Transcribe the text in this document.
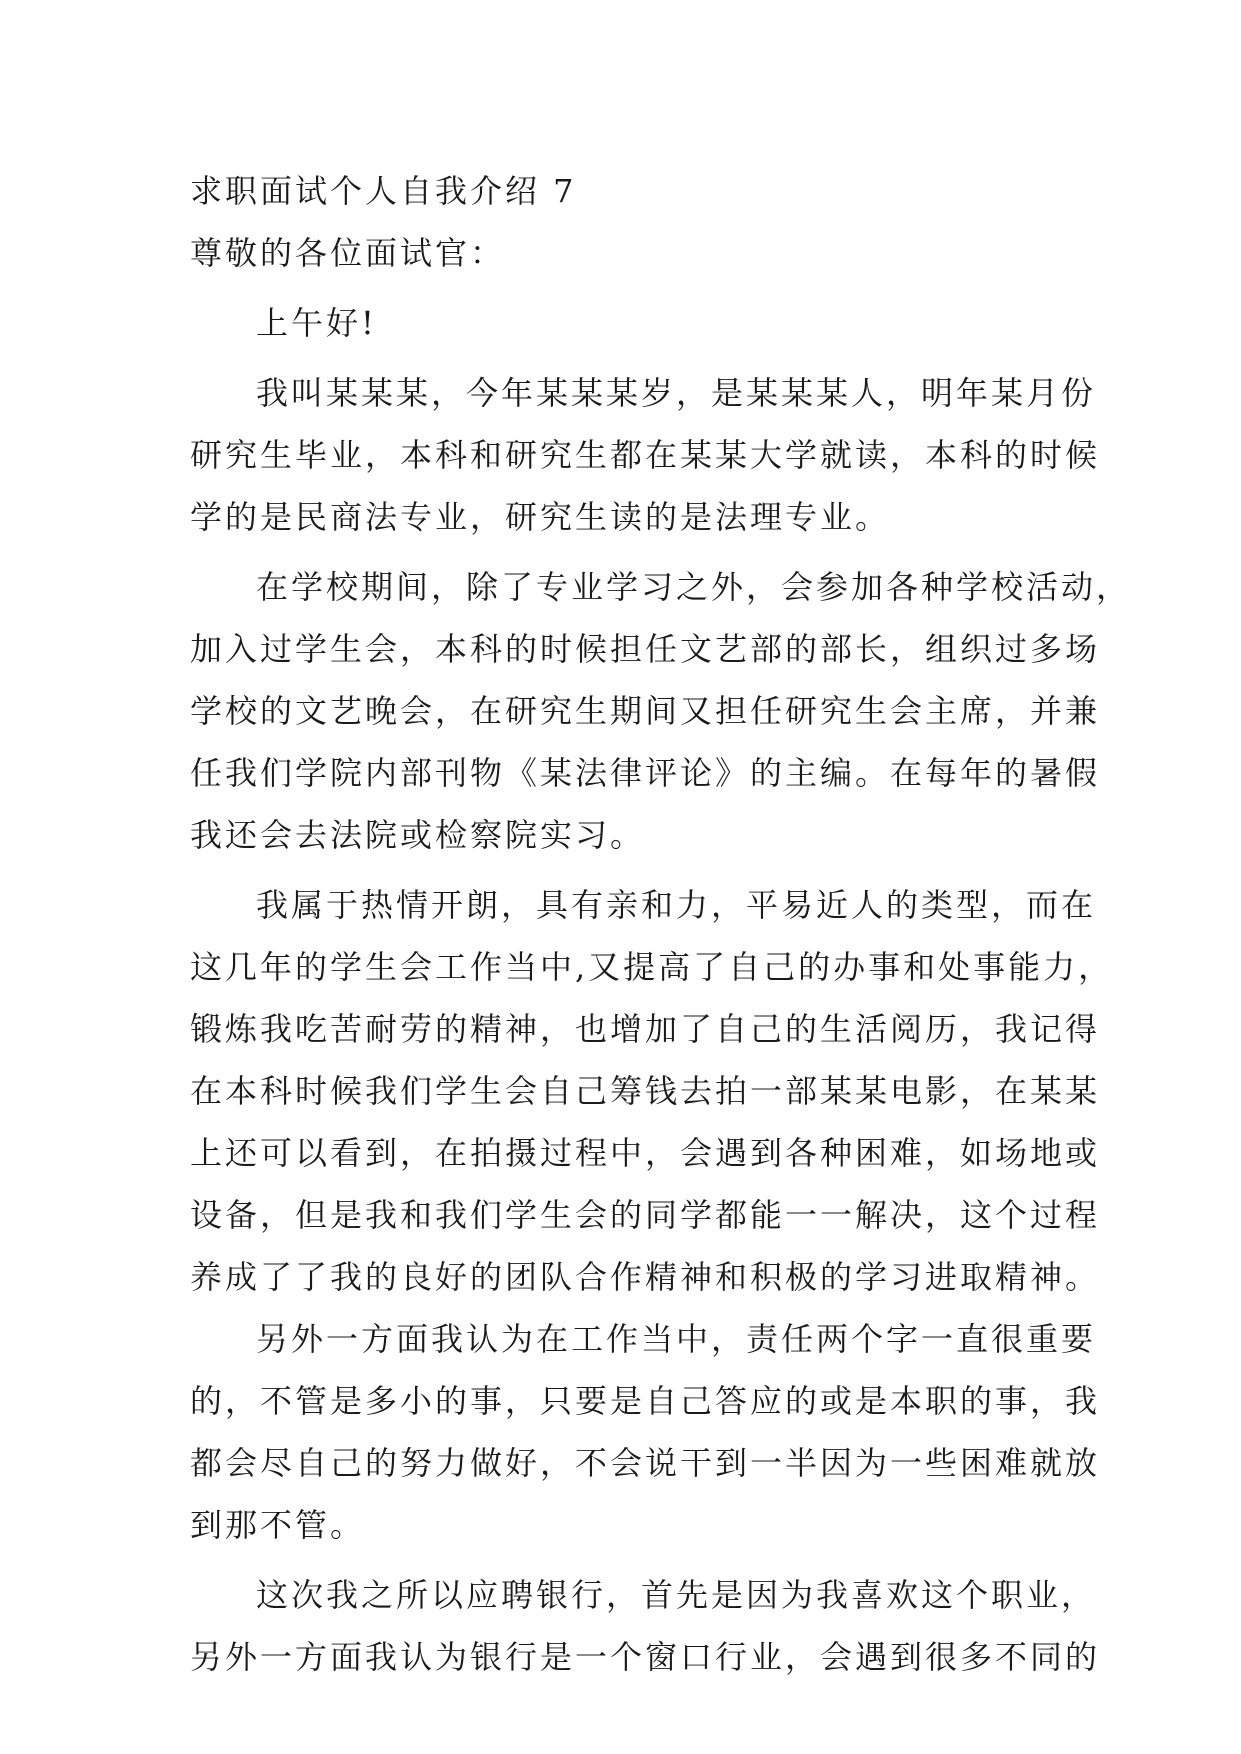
求职面试个人自我介绍 7
尊敬的各位面试官：
上午好!
我叫某某某，今年某某某岁，是某某某人，明年某月份
研究生毕业，本科和研究生都在某某大学就读，本科的时候
学的是民商法专业，研究生读的是法理专业。
在学校期间，除了专业学习之外，会参加各种学校活动，
加入过学生会，本科的时候担任文艺部的部长，组织过多场
学校的文艺晚会，在研究生期间又担任研究生会主席，并兼
任我们学院内部刊物《某法律评论》的主编。在每年的暑假
我还会去法院或检察院实习。
我属于热情开朗，具有亲和力，平易近人的类型，而在
这几年的学生会工作当中,又提高了自己的办事和处事能力，
锻炼我吃苦耐劳的精神，也增加了自己的生活阅历，我记得
在本科时候我们学生会自己筹钱去拍一部某某电影，在某某
上还可以看到，在拍摄过程中，会遇到各种困难，如场地或
设备，但是我和我们学生会的同学都能一一解决，这个过程
养成了了我的良好的团队合作精神和积极的学习进取精神。
另外一方面我认为在工作当中，责任两个字一直很重要
的，不管是多小的事，只要是自己答应的或是本职的事，我
都会尽自己的努力做好，不会说干到一半因为一些困难就放
到那不管。
这次我之所以应聘银行，首先是因为我喜欢这个职业，
另外一方面我认为银行是一个窗口行业，会遇到很多不同的
